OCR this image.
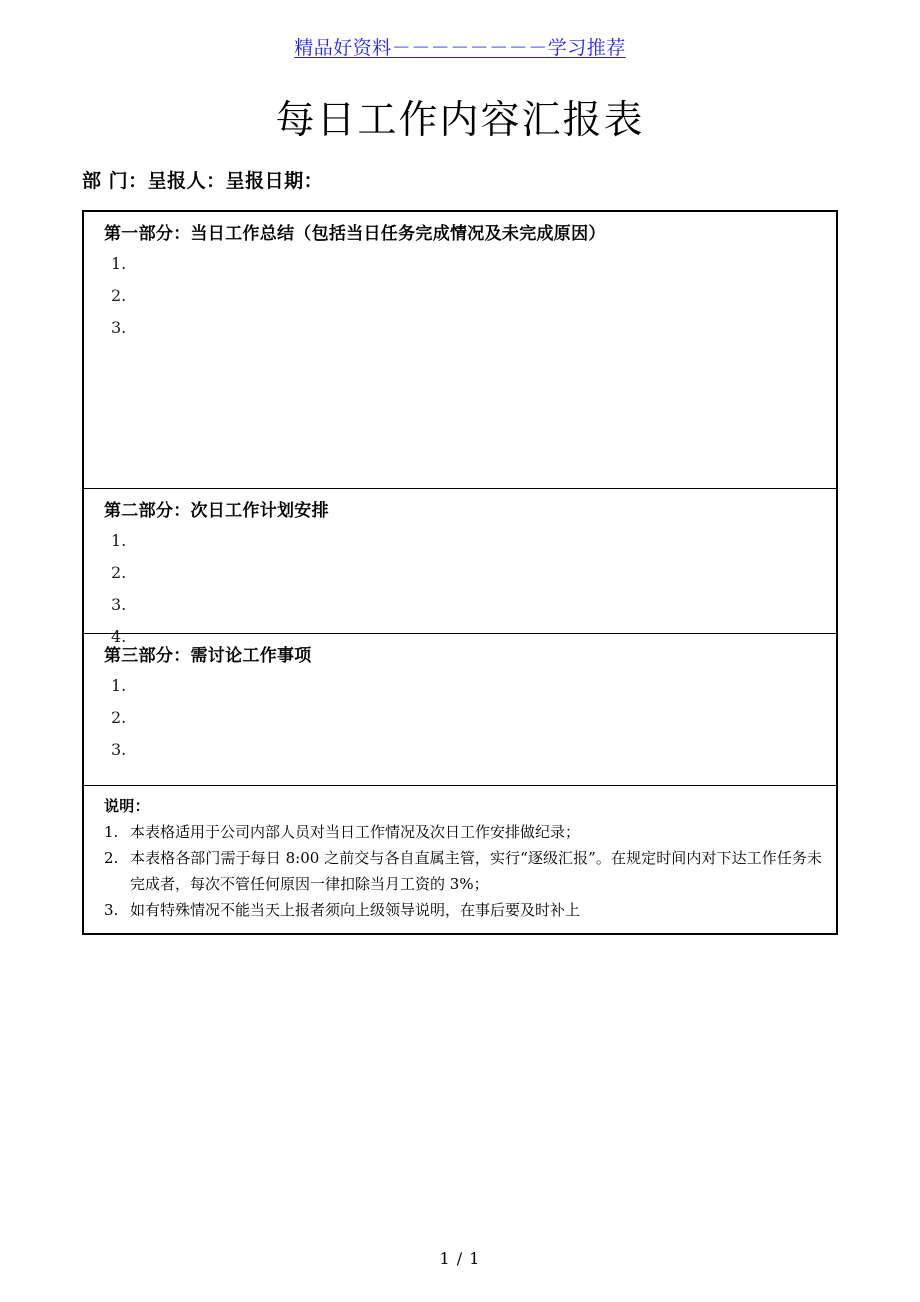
精品好资料－－－－－－－－学习推荐
每日工作内容汇报表
部 门：呈报人：呈报日期：
第一部分：当日工作总结（包括当日任务完成情况及未完成原因）
1.
2.
3.
第二部分：次日工作计划安排
1.
2.
3.
4.
第三部分：需讨论工作事项
1.
2.
3.
说明：
1. 本表格适用于公司内部人员对当日工作情况及次日工作安排做纪录；
2. 本表格各部门需于每日 8:00 之前交与各自直属主管，实行“逐级汇报”。在规定时间内对下达工作任务未完成者，每次不管任何原因一律扣除当月工资的 3%；
3. 如有特殊情况不能当天上报者须向上级领导说明，在事后要及时补上
1 / 1
